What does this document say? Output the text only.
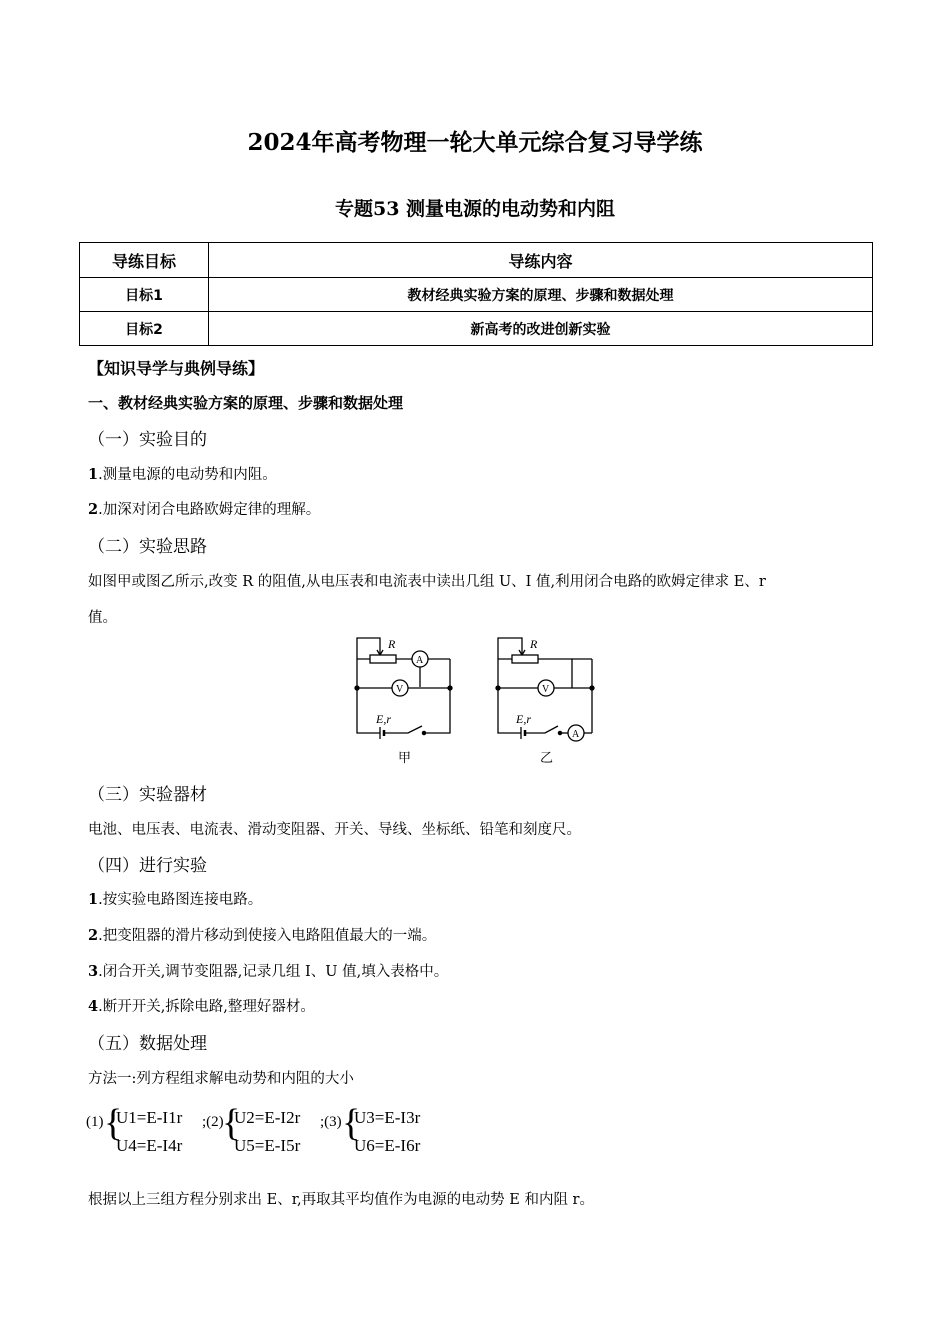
2024年高考物理一轮大单元综合复习导学练
专题53 测量电源的电动势和内阻
导练目标	导练内容
目标1	教材经典实验方案的原理、步骤和数据处理
目标2	新高考的改进创新实验
【知识导学与典例导练】
一、教材经典实验方案的原理、步骤和数据处理
（一）实验目的
1.测量电源的电动势和内阻。
2.加深对闭合电路欧姆定律的理解。
（二）实验思路
如图甲或图乙所示,改变 R 的阻值,从电压表和电流表中读出几组 U、I 值,利用闭合电路的欧姆定律求 E、r
值。
R
A
V
E,r
甲
R
V
A
E,r
乙
（三）实验器材
电池、电压表、电流表、滑动变阻器、开关、导线、坐标纸、铅笔和刻度尺。
（四）进行实验
1.按实验电路图连接电路。
2.把变阻器的滑片移动到使接入电路阻值最大的一端。
3.闭合开关,调节变阻器,记录几组 I、U 值,填入表格中。
4.断开开关,拆除电路,整理好器材。
（五）数据处理
方法一:列方程组求解电动势和内阻的大小
(1) {
U1=E-I1r
U4=E-I4r
;(2)
{
U2=E-I2r
U5=E-I5r
;(3) {
U3=E-I3r
U6=E-I6r
根据以上三组方程分别求出 E、r,再取其平均值作为电源的电动势 E 和内阻 r。
